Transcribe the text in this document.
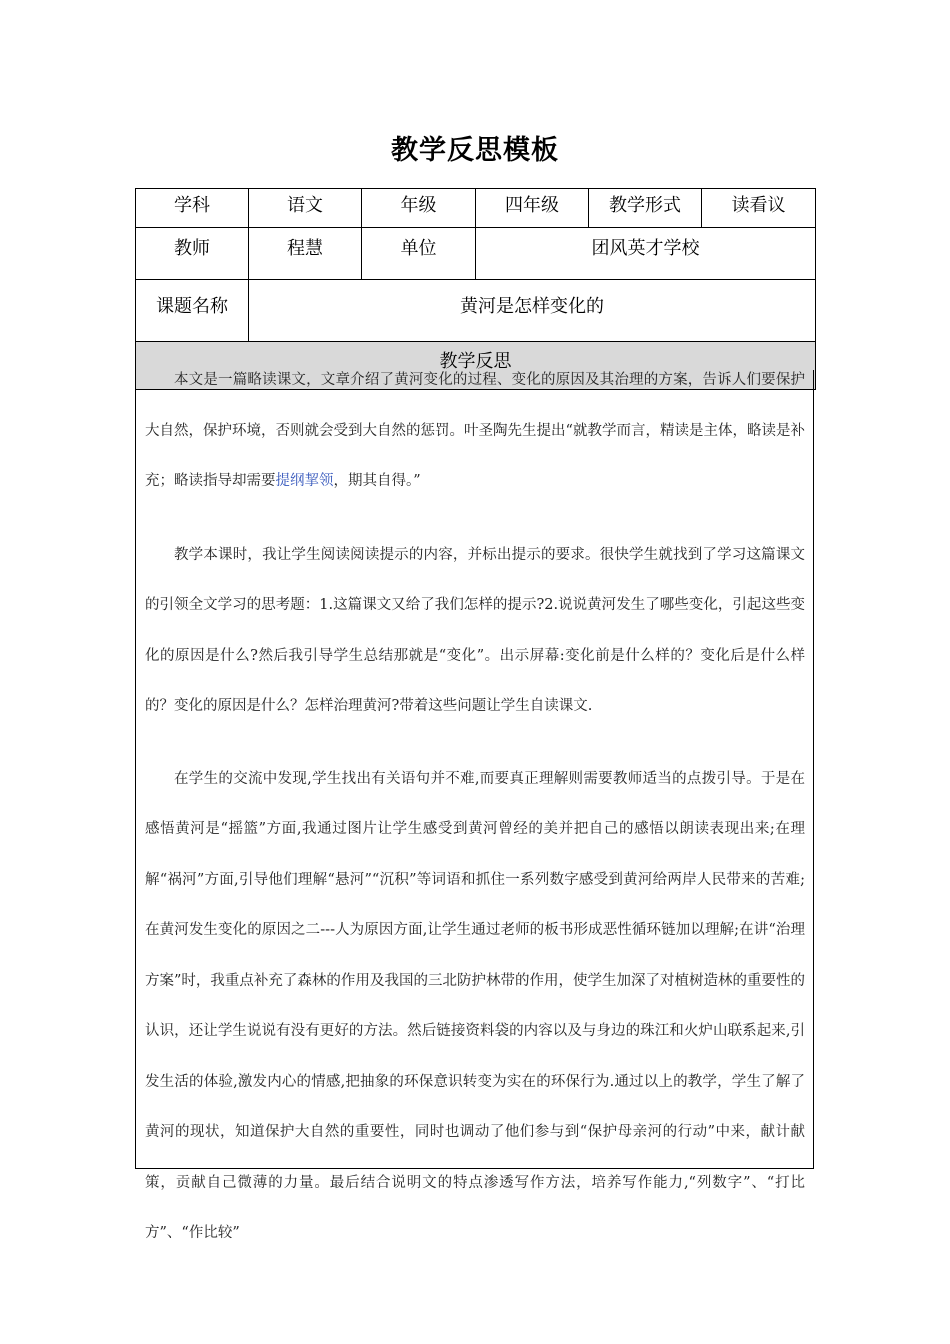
教学反思模板
学科	语文	年级	四年级	教学形式	读看议
教师	程慧	单位	团风英才学校		
课题名称	黄河是怎样变化的				
教学反思					

本文是一篇略读课文，文章介绍了黄河变化的过程、变化的原因及其治理的方案，告诉人们要保护大自然，保护环境，否则就会受到大自然的惩罚。叶圣陶先生提出“就教学而言，精读是主体，略读是补充；略读指导却需要提纲挈领，期其自得。”

教学本课时，我让学生阅读阅读提示的内容，并标出提示的要求。很快学生就找到了学习这篇课文的引领全文学习的思考题：1.这篇课文又给了我们怎样的提示?2.说说黄河发生了哪些变化，引起这些变化的原因是什么?然后我引导学生总结那就是“变化”。出示屏幕:变化前是什么样的？变化后是什么样的？变化的原因是什么？怎样治理黄河?带着这些问题让学生自读课文.

在学生的交流中发现,学生找出有关语句并不难,而要真正理解则需要教师适当的点拨引导。于是在感悟黄河是“摇篮”方面,我通过图片让学生感受到黄河曾经的美并把自己的感悟以朗读表现出来;在理解“祸河”方面,引导他们理解“悬河”“沉积”等词语和抓住一系列数字感受到黄河给两岸人民带来的苦难;在黄河发生变化的原因之二---人为原因方面,让学生通过老师的板书形成恶性循环链加以理解;在讲“治理方案”时，我重点补充了森林的作用及我国的三北防护林带的作用，使学生加深了对植树造林的重要性的认识，还让学生说说有没有更好的方法。然后链接资料袋的内容以及与身边的珠江和火炉山联系起来,引发生活的体验,激发内心的情感,把抽象的环保意识转变为实在的环保行为.通过以上的教学，学生了解了黄河的现状，知道保护大自然的重要性，同时也调动了他们参与到“保护母亲河的行动”中来，献计献策，贡献自己微薄的力量。最后结合说明文的特点渗透写作方法，培养写作能力,“列数字”、“打比方”、“作比较”
